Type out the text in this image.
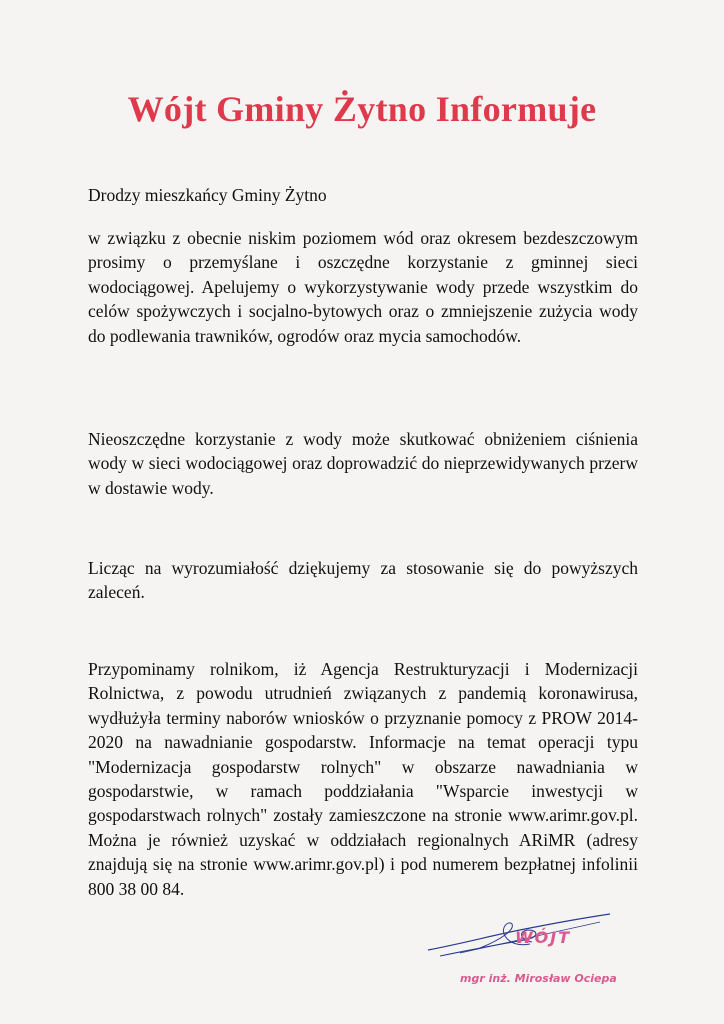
Wójt Gminy Żytno Informuje
Drodzy mieszkańcy Gminy Żytno
w związku z obecnie niskim poziomem wód oraz okresem bezdeszczowym prosimy o przemyślane i oszczędne korzystanie z gminnej sieci wodociągowej. Apelujemy o wykorzystywanie wody przede wszystkim do celów spożywczych i socjalno-bytowych oraz o zmniejszenie zużycia wody do podlewania trawników, ogrodów oraz mycia samochodów.
Nieoszczędne korzystanie z wody może skutkować obniżeniem ciśnienia wody w sieci wodociągowej oraz doprowadzić do nieprzewidywanych przerw w dostawie wody.
Licząc na wyrozumiałość dziękujemy za stosowanie się do powyższych zaleceń.
Przypominamy rolnikom, iż Agencja Restrukturyzacji i Modernizacji Rolnictwa, z powodu utrudnień związanych z pandemią koronawirusa, wydłużyła terminy naborów wniosków o przyznanie pomocy z PROW 2014-2020 na nawadnianie gospodarstw. Informacje na temat operacji typu "Modernizacja gospodarstw rolnych" w obszarze nawadniania w gospodarstwie, w ramach poddziałania "Wsparcie inwestycji w gospodarstwach rolnych" zostały zamieszczone na stronie www.arimr.gov.pl. Można je również uzyskać w oddziałach regionalnych ARiMR (adresy znajdują się na stronie www.arimr.gov.pl) i pod numerem bezpłatnej infolinii 800 38 00 84.
WÓJT
mgr inż. Mirosław Ociepa
